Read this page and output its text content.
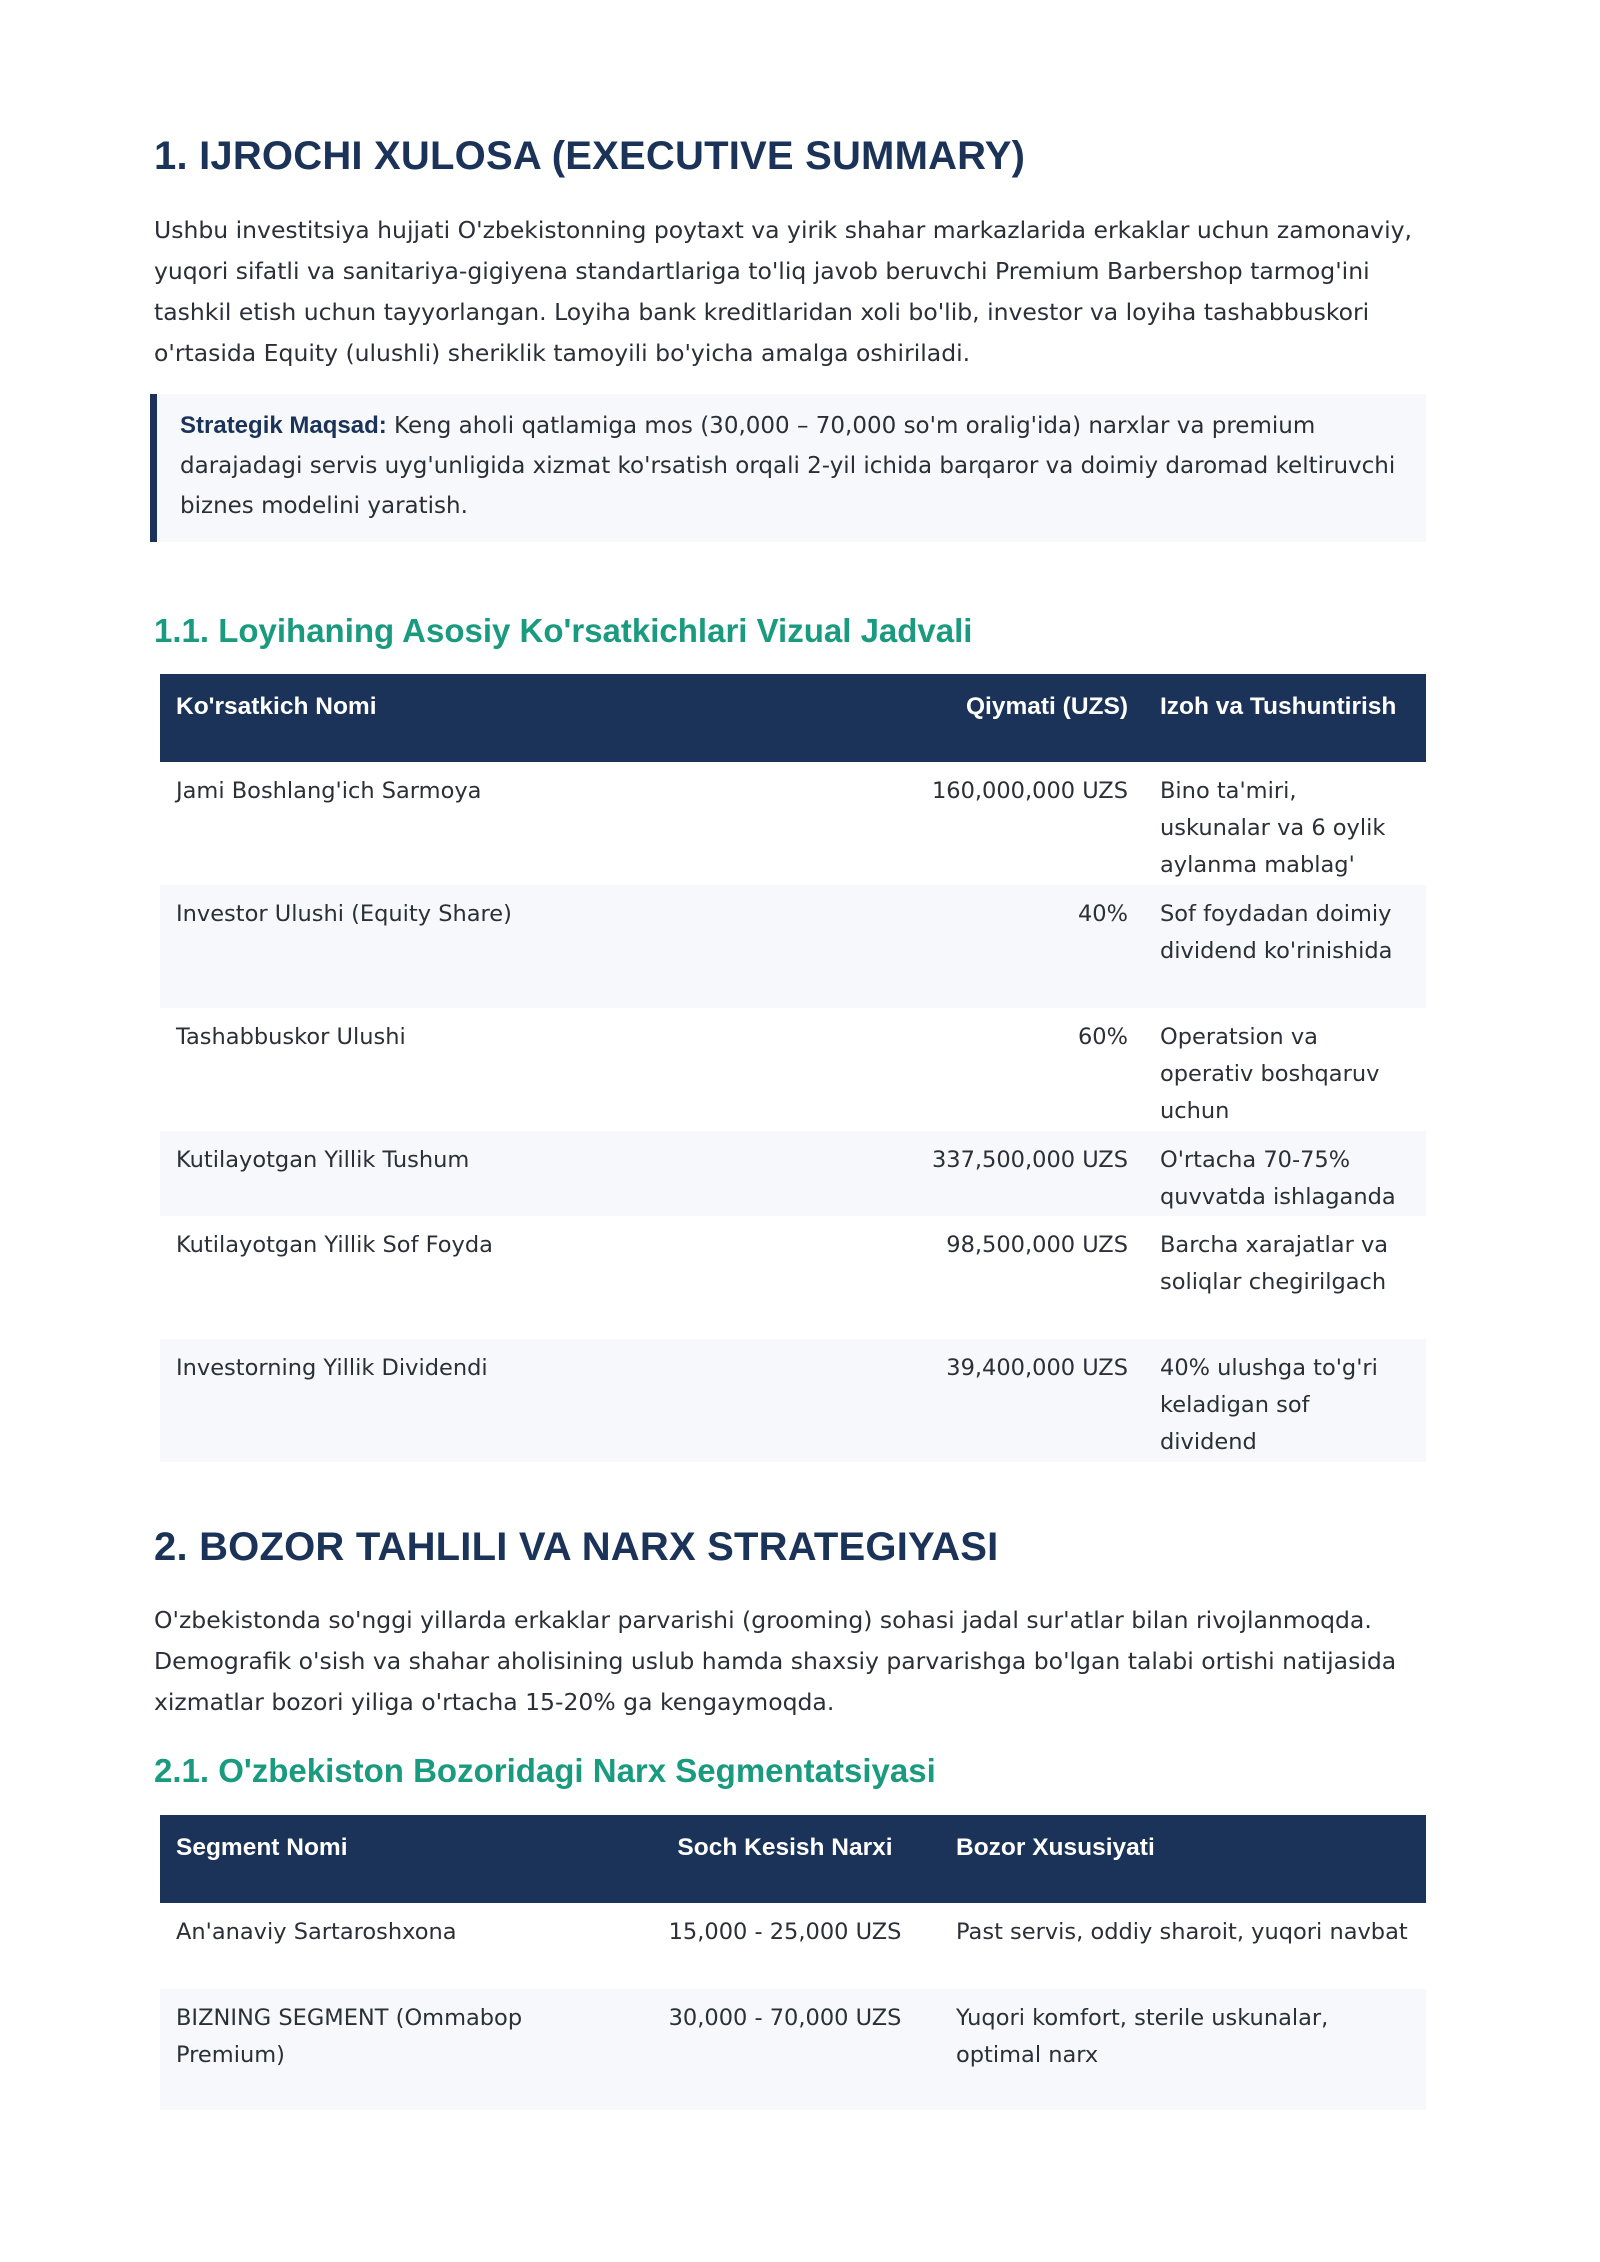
1. IJROCHI XULOSA (EXECUTIVE SUMMARY)

Ushbu investitsiya hujjati O'zbekistonning poytaxt va yirik shahar markazlarida erkaklar uchun zamonaviy, yuqori sifatli va sanitariya-gigiyena standartlariga to'liq javob beruvchi Premium Barbershop tarmog'ini tashkil etish uchun tayyorlangan. Loyiha bank kreditlaridan xoli bo'lib, investor va loyiha tashabbuskori o'rtasida Equity (ulushli) sheriklik tamoyili bo'yicha amalga oshiriladi.

Strategik Maqsad: Keng aholi qatlamiga mos (30,000 – 70,000 so'm oralig'ida) narxlar va premium darajadagi servis uyg'unligida xizmat ko'rsatish orqali 2-yil ichida barqaror va doimiy daromad keltiruvchi biznes modelini yaratish.
1.1. Loyihaning Asosiy Ko'rsatkichlari Vizual Jadvali
Ko'rsatkich Nomi	Qiymati (UZS)	Izoh va Tushuntirish
Jami Boshlang'ich Sarmoya	160,000,000 UZS	Bino ta'miri, uskunalar va 6 oylik aylanma mablag'
Investor Ulushi (Equity Share)	40%	Sof foydadan doimiy dividend ko'rinishida
Tashabbuskor Ulushi	60%	Operatsion va operativ boshqaruv uchun
Kutilayotgan Yillik Tushum	337,500,000 UZS	O'rtacha 70-75% quvvatda ishlaganda
Kutilayotgan Yillik Sof Foyda	98,500,000 UZS	Barcha xarajatlar va soliqlar chegirilgach
Investorning Yillik Dividendi	39,400,000 UZS	40% ulushga to'g'ri keladigan sof dividend
2. BOZOR TAHLILI VA NARX STRATEGIYASI

O'zbekistonda so'nggi yillarda erkaklar parvarishi (grooming) sohasi jadal sur'atlar bilan rivojlanmoqda. Demografik o'sish va shahar aholisining uslub hamda shaxsiy parvarishga bo'lgan talabi ortishi natijasida xizmatlar bozori yiliga o'rtacha 15-20% ga kengaymoqda.

2.1. O'zbekiston Bozoridagi Narx Segmentatsiyasi
Segment Nomi	Soch Kesish Narxi	Bozor Xususiyati
An'anaviy Sartaroshxona	15,000 - 25,000 UZS	Past servis, oddiy sharoit, yuqori navbat
BIZNING SEGMENT (Ommabop Premium)	30,000 - 70,000 UZS	Yuqori komfort, sterile uskunalar, optimal narx
